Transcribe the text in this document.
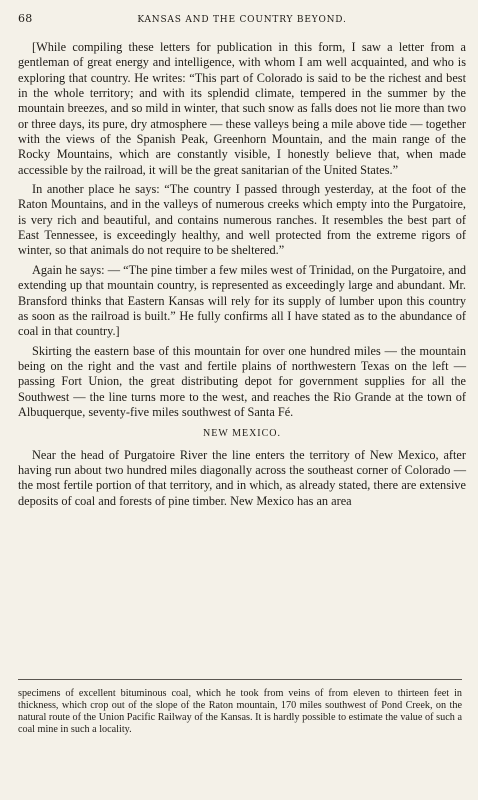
68	KANSAS AND THE COUNTRY BEYOND.

[While compiling these letters for publication in this form, I saw a letter from a gentleman of great energy and intelligence, with whom I am well acquainted, and who is exploring that country. He writes: “This part of Colorado is said to be the richest and best in the whole territory; and with its splendid climate, tempered in the summer by the mountain breezes, and so mild in winter, that such snow as falls does not lie more than two or three days, its pure, dry atmosphere — these valleys being a mile above tide — together with the views of the Spanish Peak, Greenhorn Mountain, and the main range of the Rocky Mountains, which are constantly visible, I honestly believe that, when made accessible by the railroad, it will be the great sanitarian of the United States.”

In another place he says: “The country I passed through yesterday, at the foot of the Raton Mountains, and in the valleys of numerous creeks which empty into the Purgatoire, is very rich and beautiful, and contains numerous ranches. It resembles the best part of East Tennessee, is exceedingly healthy, and well protected from the extreme rigors of winter, so that animals do not require to be sheltered.”

Again he says: — “The pine timber a few miles west of Trinidad, on the Purgatoire, and extending up that mountain country, is represented as exceedingly large and abundant. Mr. Bransford thinks that Eastern Kansas will rely for its supply of lumber upon this country as soon as the railroad is built.” He fully confirms all I have stated as to the abundance of coal in that country.]

Skirting the eastern base of this mountain for over one hundred miles — the mountain being on the right and the vast and fertile plains of northwestern Texas on the left — passing Fort Union, the great distributing depot for government supplies for all the Southwest — the line turns more to the west, and reaches the Rio Grande at the town of Albuquerque, seventy-five miles southwest of Santa Fé.

NEW MEXICO.

Near the head of Purgatoire River the line enters the territory of New Mexico, after having run about two hundred miles diagonally across the southeast corner of Colorado — the most fertile portion of that territory, and in which, as already stated, there are extensive deposits of coal and forests of pine timber. New Mexico has an area

specimens of excellent bituminous coal, which he took from veins of from eleven to thirteen feet in thickness, which crop out of the slope of the Raton mountain, 170 miles southwest of Pond Creek, on the natural route of the Union Pacific Railway of the Kansas. It is hardly possible to estimate the value of such a coal mine in such a locality.
